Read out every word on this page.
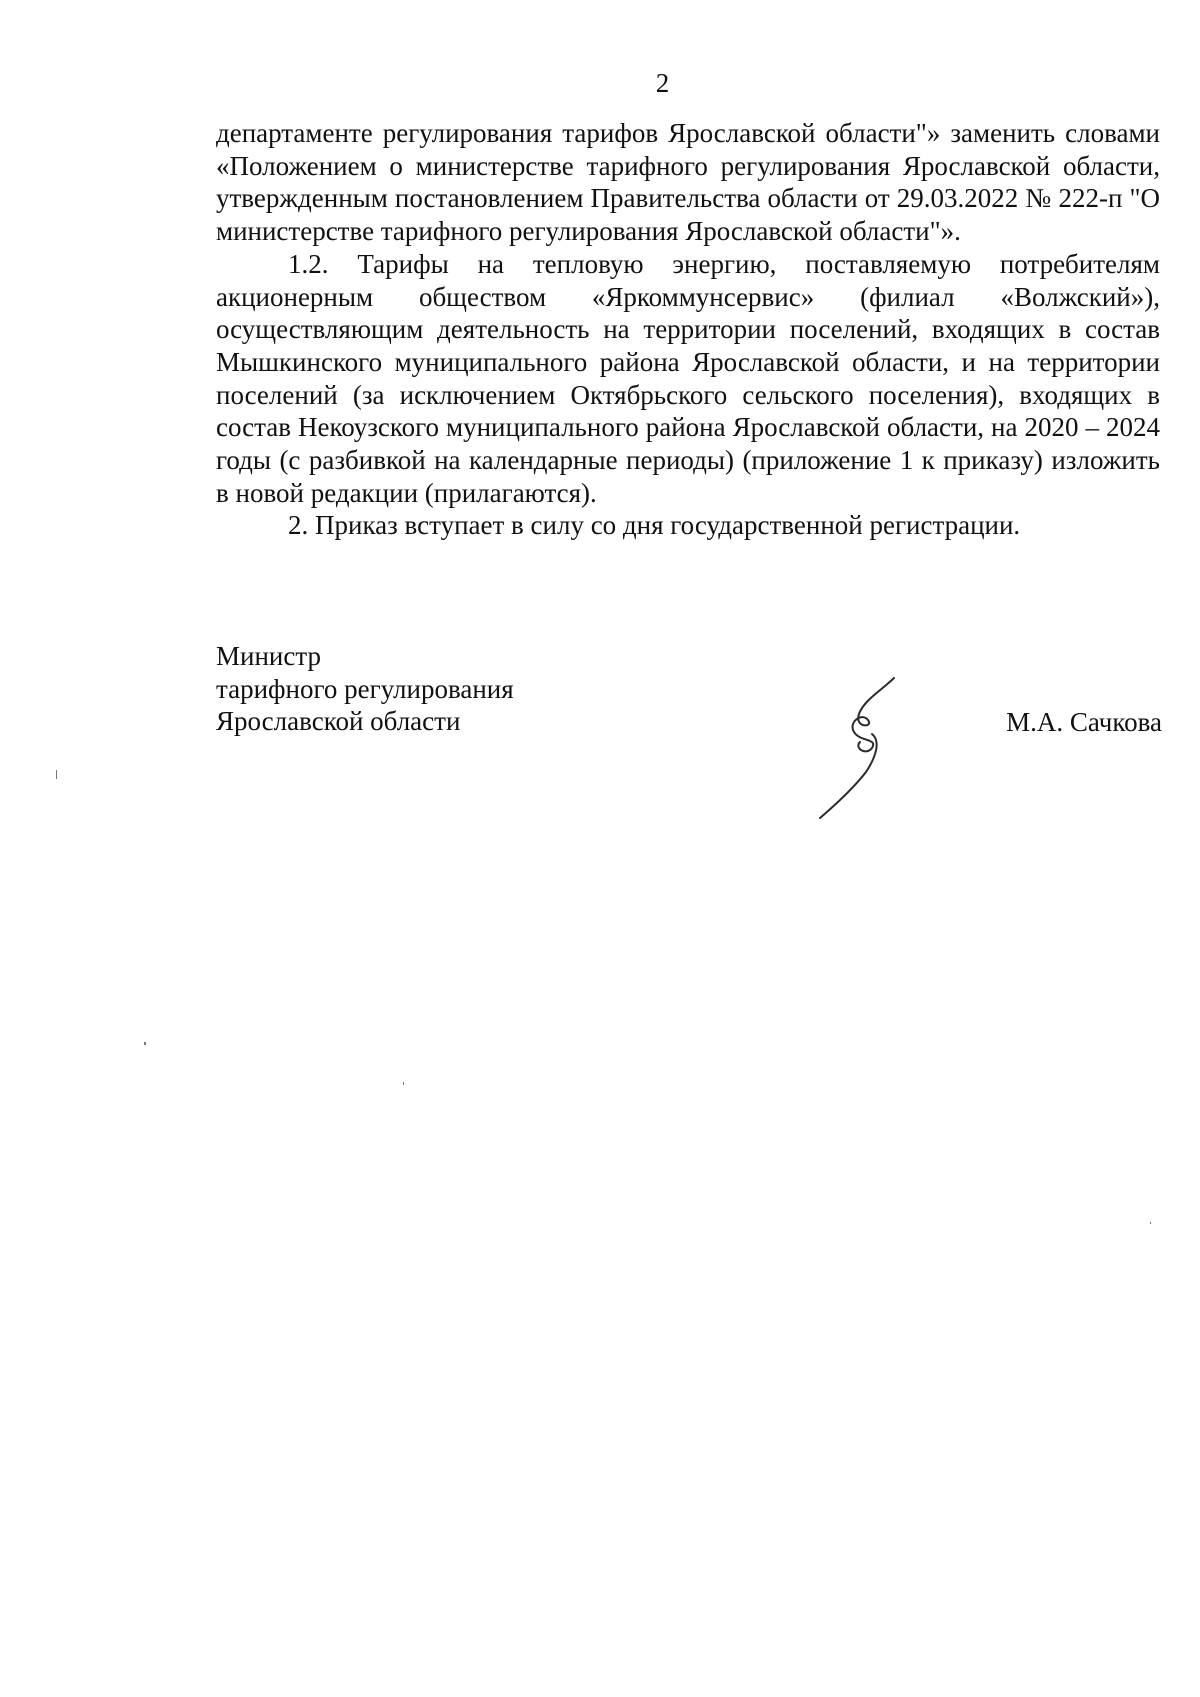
2

департаменте регулирования тарифов Ярославской области"» заменить словами «Положением о министерстве тарифного регулирования Ярославской области, утвержденным постановлением Правительства области от 29.03.2022 № 222-п "О министерстве тарифного регулирования Ярославской области"».

1.2. Тарифы на тепловую энергию, поставляемую потребителям акционерным обществом «Яркоммунсервис» (филиал «Волжский»), осуществляющим деятельность на территории поселений, входящих в состав Мышкинского муниципального района Ярославской области, и на территории поселений (за исключением Октябрьского сельского поселения), входящих в состав Некоузского муниципального района Ярославской области, на 2020 – 2024 годы (с разбивкой на календарные периоды) (приложение 1 к приказу) изложить в новой редакции (прилагаются).

2. Приказ вступает в силу со дня государственной регистрации.

Министр
тарифного регулирования
Ярославской области	М.А. Сачкова
